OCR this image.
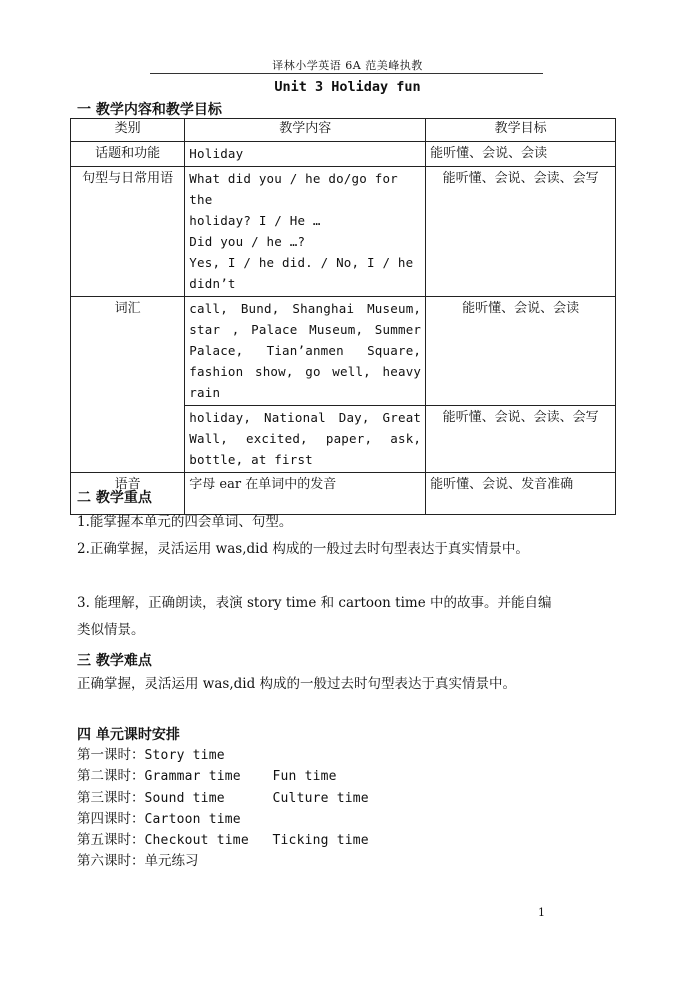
译林小学英语 6A 范美峰执教
Unit 3 Holiday fun
一 教学内容和教学目标
类别	教学内容	教学目标
话题和功能	Holiday	能听懂、会说、会读
句型与日常用语	What did you / he do/go for the
holiday? I / He …
Did you / he …?
Yes, I / he did. / No, I / he
didn’t	能听懂、会说、会读、会写
词汇	call, Bund, Shanghai Museum, star , Palace Museum, Summer Palace, Tian’anmen Square, fashion show, go well, heavy rain	能听懂、会说、会读
	holiday, National Day, Great Wall, excited, paper, ask, bottle, at first	能听懂、会说、会读、会写
语音	字母 ear 在单词中的发音	能听懂、会说、发音准确
二 教学重点
1.能掌握本单元的四会单词、句型。
2.正确掌握，灵活运用 was,did 构成的一般过去时句型表达于真实情景中。
3. 能理解，正确朗读，表演 story time 和 cartoon time 中的故事。并能自编类似情景。
三 教学难点
正确掌握，灵活运用 was,did 构成的一般过去时句型表达于真实情景中。
四 单元课时安排
第一课时：Story time
第二课时：Grammar time Fun time
第三课时：Sound time	Culture time
第四课时：Cartoon time
第五课时：Checkout time Ticking time
第六课时：单元练习
1
